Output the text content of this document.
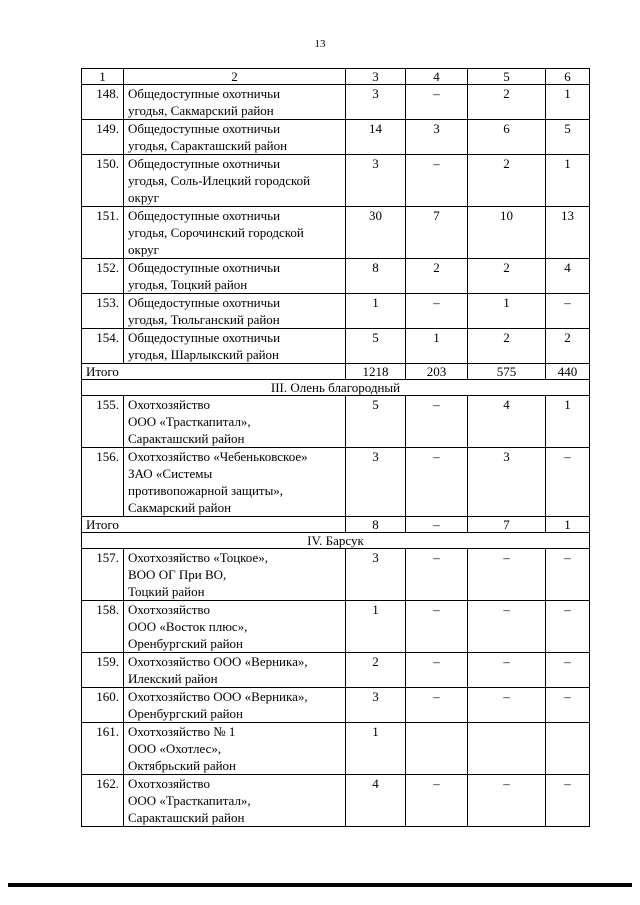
13
1	2	3	4	5	6
148.	Общедоступные охотничьи
угодья, Сакмарский район	3	–	2	1
149.	Общедоступные охотничьи
угодья, Саракташский район	14	3	6	5
150.	Общедоступные охотничьи
угодья, Соль-Илецкий городской
округ	3	–	2	1
151.	Общедоступные охотничьи
угодья, Сорочинский городской
округ	30	7	10	13
152.	Общедоступные охотничьи
угодья, Тоцкий район	8	2	2	4
153.	Общедоступные охотничьи
угодья, Тюльганский район	1	–	1	–
154.	Общедоступные охотничьи
угодья, Шарлыкский район	5	1	2	2
Итого		1218	203	575	440
III. Олень благородный					
155.	Охотхозяйство
ООО «Трасткапитал»,
Саракташский район	5	–	4	1
156.	Охотхозяйство «Чебеньковское»
ЗАО «Системы
противопожарной защиты»,
Сакмарский район	3	–	3	–
Итого		8	–	7	1
IV. Барсук					
157.	Охотхозяйство «Тоцкое»,
ВОО ОГ При ВО,
Тоцкий район	3	–	–	–
158.	Охотхозяйство
ООО «Восток плюс»,
Оренбургский район	1	–	–	–
159.	Охотхозяйство ООО «Верника»,
Илекский район	2	–	–	–
160.	Охотхозяйство ООО «Верника»,
Оренбургский район	3	–	–	–
161.	Охотхозяйство № 1
ООО «Охотлес»,
Октябрьский район	1			
162.	Охотхозяйство
ООО «Трасткапитал»,
Саракташский район	4	–	–	–
